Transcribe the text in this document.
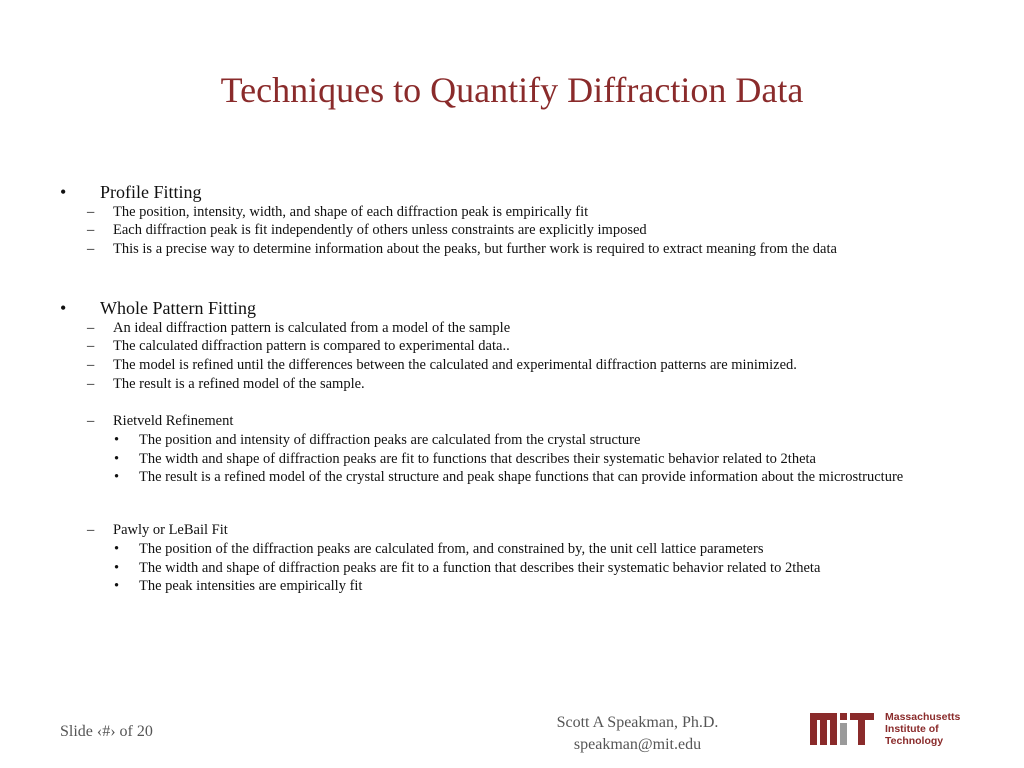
Techniques to Quantify Diffraction Data
• Profile Fitting
– The position, intensity, width, and shape of each diffraction peak is empirically fit
– Each diffraction peak is fit independently of others unless constraints are explicitly imposed
– This is a precise way to determine information about the peaks, but further work is required to extract meaning from the data
• Whole Pattern Fitting
– An ideal diffraction pattern is calculated from a model of the sample
– The calculated diffraction pattern is compared to experimental data..
– The model is refined until the differences between the calculated and experimental diffraction patterns are minimized.
– The result is a refined model of the sample.
– Rietveld Refinement
• The position and intensity of diffraction peaks are calculated from the crystal structure
• The width and shape of diffraction peaks are fit to functions that describes their systematic behavior related to 2theta
• The result is a refined model of the crystal structure and peak shape functions that can provide information about the microstructure
– Pawly or LeBail Fit
• The position of the diffraction peaks are calculated from, and constrained by, the unit cell lattice parameters
• The width and shape of diffraction peaks are fit to a function that describes their systematic behavior related to 2theta
• The peak intensities are empirically fit
Slide ‹#› of 20
Scott A Speakman, Ph.D.
speakman@mit.edu
Massachusetts
Institute of
Technology
